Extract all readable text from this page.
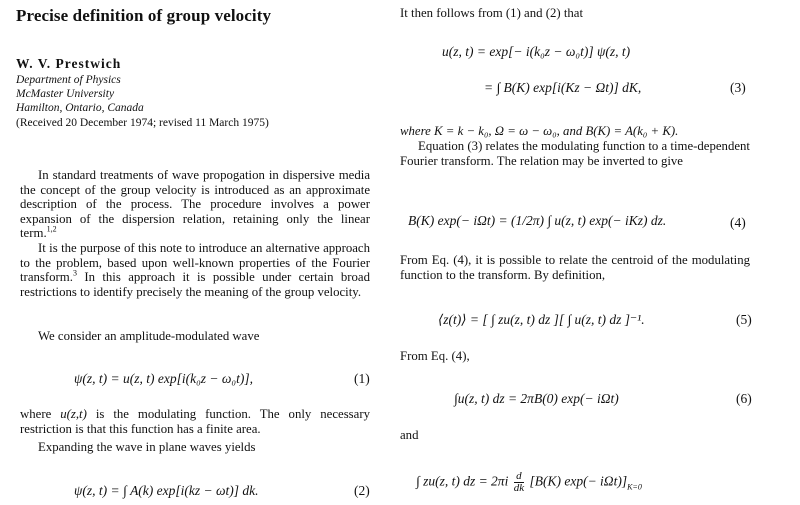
Precise definition of group velocity
W. V. Prestwich
Department of Physics
McMaster University
Hamilton, Ontario, Canada
(Received 20 December 1974; revised 11 March 1975)

In standard treatments of wave propogation in dispersive media the concept of the group velocity is introduced as an approximate description of the process. The procedure involves a power expansion of the dispersion relation, retaining only the linear term.$^{1,2}$

It is the purpose of this note to introduce an alternative approach to the problem, based upon well-known properties of the Fourier transform.$^3$ In this approach it is possible under certain broad restrictions to identify precisely the meaning of the group velocity.

We consider an amplitude-modulated wave

ψ(z, t) = u(z, t) exp[i(k₀z − ω₀t)],	(1)

where u(z,t) is the modulating function. The only necessary restriction is that this function has a finite area.

Expanding the wave in plane waves yields

ψ(z, t) = ∫ A(k) exp[i(kz − ωt)] dk.	(2)

It then follows from (1) and (2) that

u(z, t) = exp[− i(k₀z − ω₀t)] ψ(z, t)
= ∫ B(K) exp[i(Kz − Ωt)] dK,	(3)

where K = k − k₀, Ω = ω − ω₀, and B(K) = A(k₀ + K).

Equation (3) relates the modulating function to a time-dependent Fourier transform. The relation may be inverted to give

B(K) exp(− iΩt) = (1/2π) ∫ u(z, t) exp(− iKz) dz.	(4)

From Eq. (4), it is possible to relate the centroid of the modulating function to the transform. By definition,

⟨z(t)⟩ = [ ∫ zu(z, t) dz ][ ∫ u(z, t) dz ]⁻¹.	(5)

From Eq. (4),

∫u(z, t) dz = 2πB(0) exp(− iΩt)	(6)

and

∫ zu(z, t) dz = $2\pi i \frac{d}{dk} [B(K)$ $\exp(- i\Omega t)]_{K=0}$
